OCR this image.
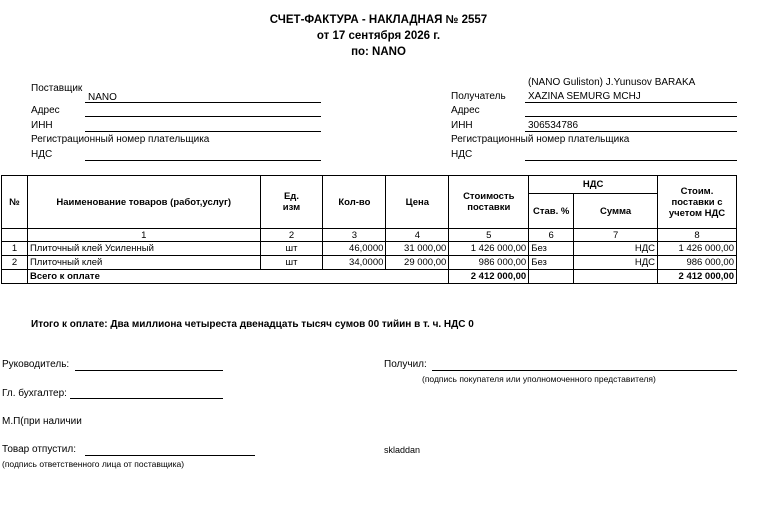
СЧЕТ-ФАКТУРА - НАКЛАДНАЯ № 2557
от 17 сентября 2026 г.
по: NANO
Поставщик
NANO
Адрес
ИНН
Регистрационный номер плательщика
НДС
(NANO Guliston) J.Yunusov BARAKA
Получатель XAZINA SEMURG MCHJ
Адрес
ИНН	306534786
Регистрационный номер плательщика
НДС
№	Наименование товаров (работ,услуг)	Ед. изм	Кол-во	Цена	Стоимость поставки	НДС		Стоим. поставки с учетом НДС
						Став. %	Сумма	
	1	2	3	4	5	6	7	8
1	Плиточный клей Усиленный	шт	46,0000	31 000,00	1 426 000,00	Без	НДС	1 426 000,00
2	Плиточный клей	шт	34,0000	29 000,00	986 000,00	Без	НДС	986 000,00
	Всего к оплате				2 412 000,00			2 412 000,00
Итого к оплате: Два миллиона четыреста двенадцать тысяч сумов 00 тийин в т. ч. НДС 0
Руководитель:	Получил:
(подпись покупателя или уполномоченного представителя)
Гл. бухгалтер:
М.П(при наличии
Товар отпустил:
(подпись ответственного лица от поставщика)
skladdan
